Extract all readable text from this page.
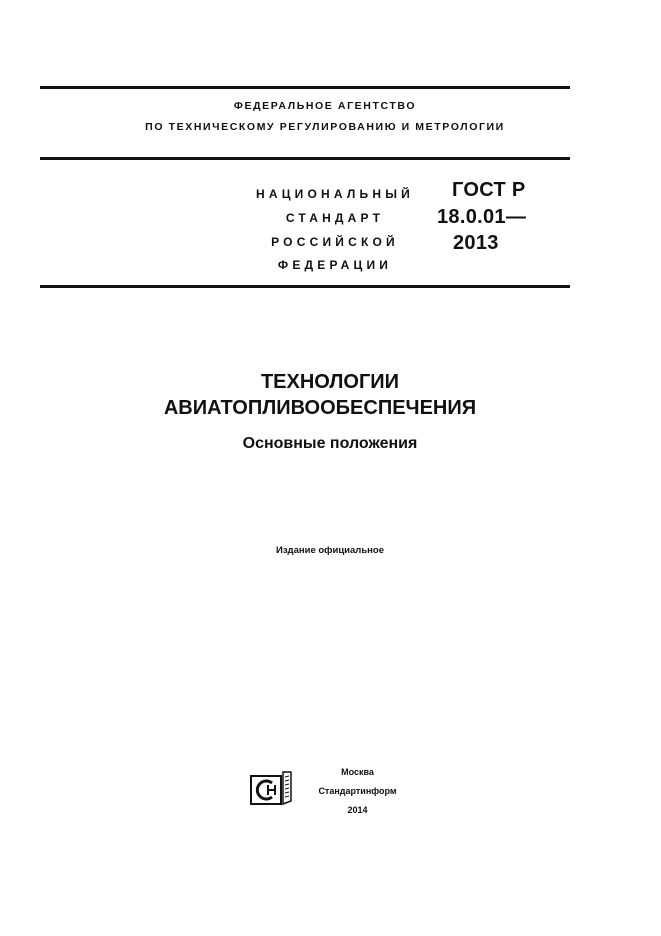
ФЕДЕРАЛЬНОЕ АГЕНТСТВО
ПО ТЕХНИЧЕСКОМУ РЕГУЛИРОВАНИЮ И МЕТРОЛОГИИ
НАЦИОНАЛЬНЫЙ
СТАНДАРТ
РОССИЙСКОЙ
ФЕДЕРАЦИИ
ГОСТ Р
18.0.01—
2013
ТЕХНОЛОГИИ
АВИАТОПЛИВООБЕСПЕЧЕНИЯ
Основные положения
Издание официальное
Москва
Стандартинформ
2014
